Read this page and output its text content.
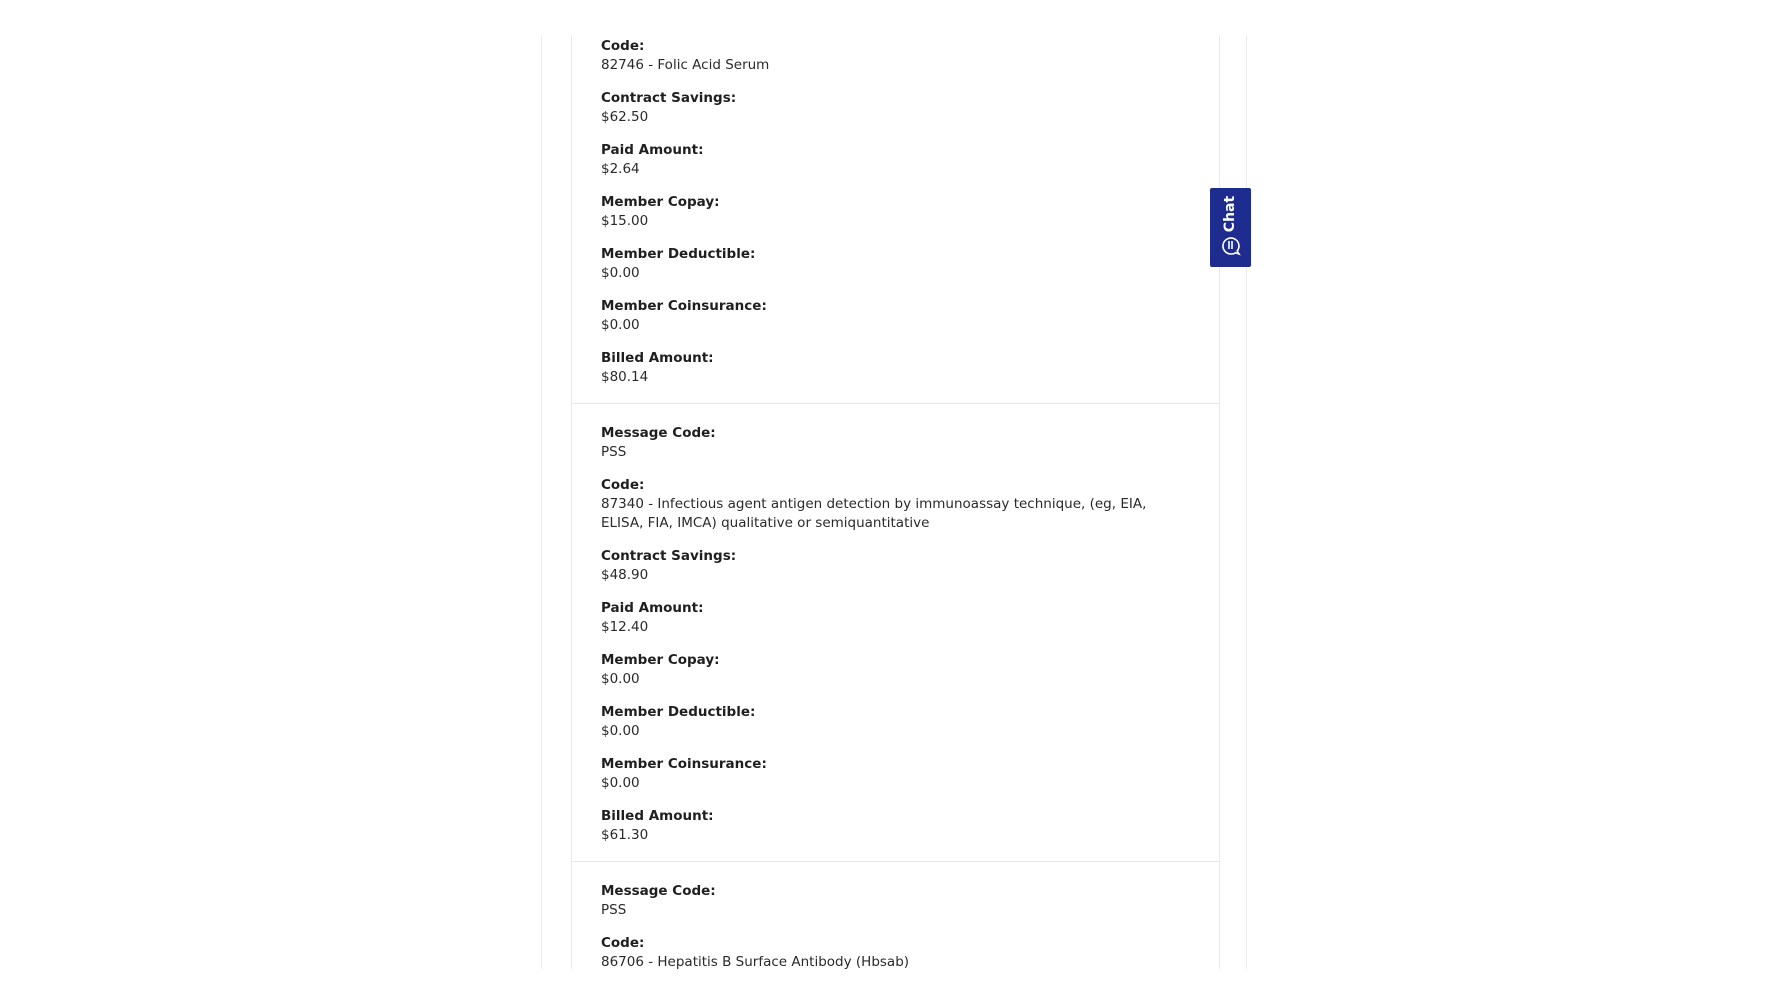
Code:
82746 - Folic Acid Serum
Contract Savings:
$62.50
Paid Amount:
$2.64
Member Copay:
$15.00
Member Deductible:
$0.00
Member Coinsurance:
$0.00
Billed Amount:
$80.14
Message Code:
PSS
Code:
87340 - Infectious agent antigen detection by immunoassay technique, (eg, EIA, ELISA, FIA, IMCA) qualitative or semiquantitative
Contract Savings:
$48.90
Paid Amount:
$12.40
Member Copay:
$0.00
Member Deductible:
$0.00
Member Coinsurance:
$0.00
Billed Amount:
$61.30
Message Code:
PSS
Code:
86706 - Hepatitis B Surface Antibody (Hbsab)
Chat
